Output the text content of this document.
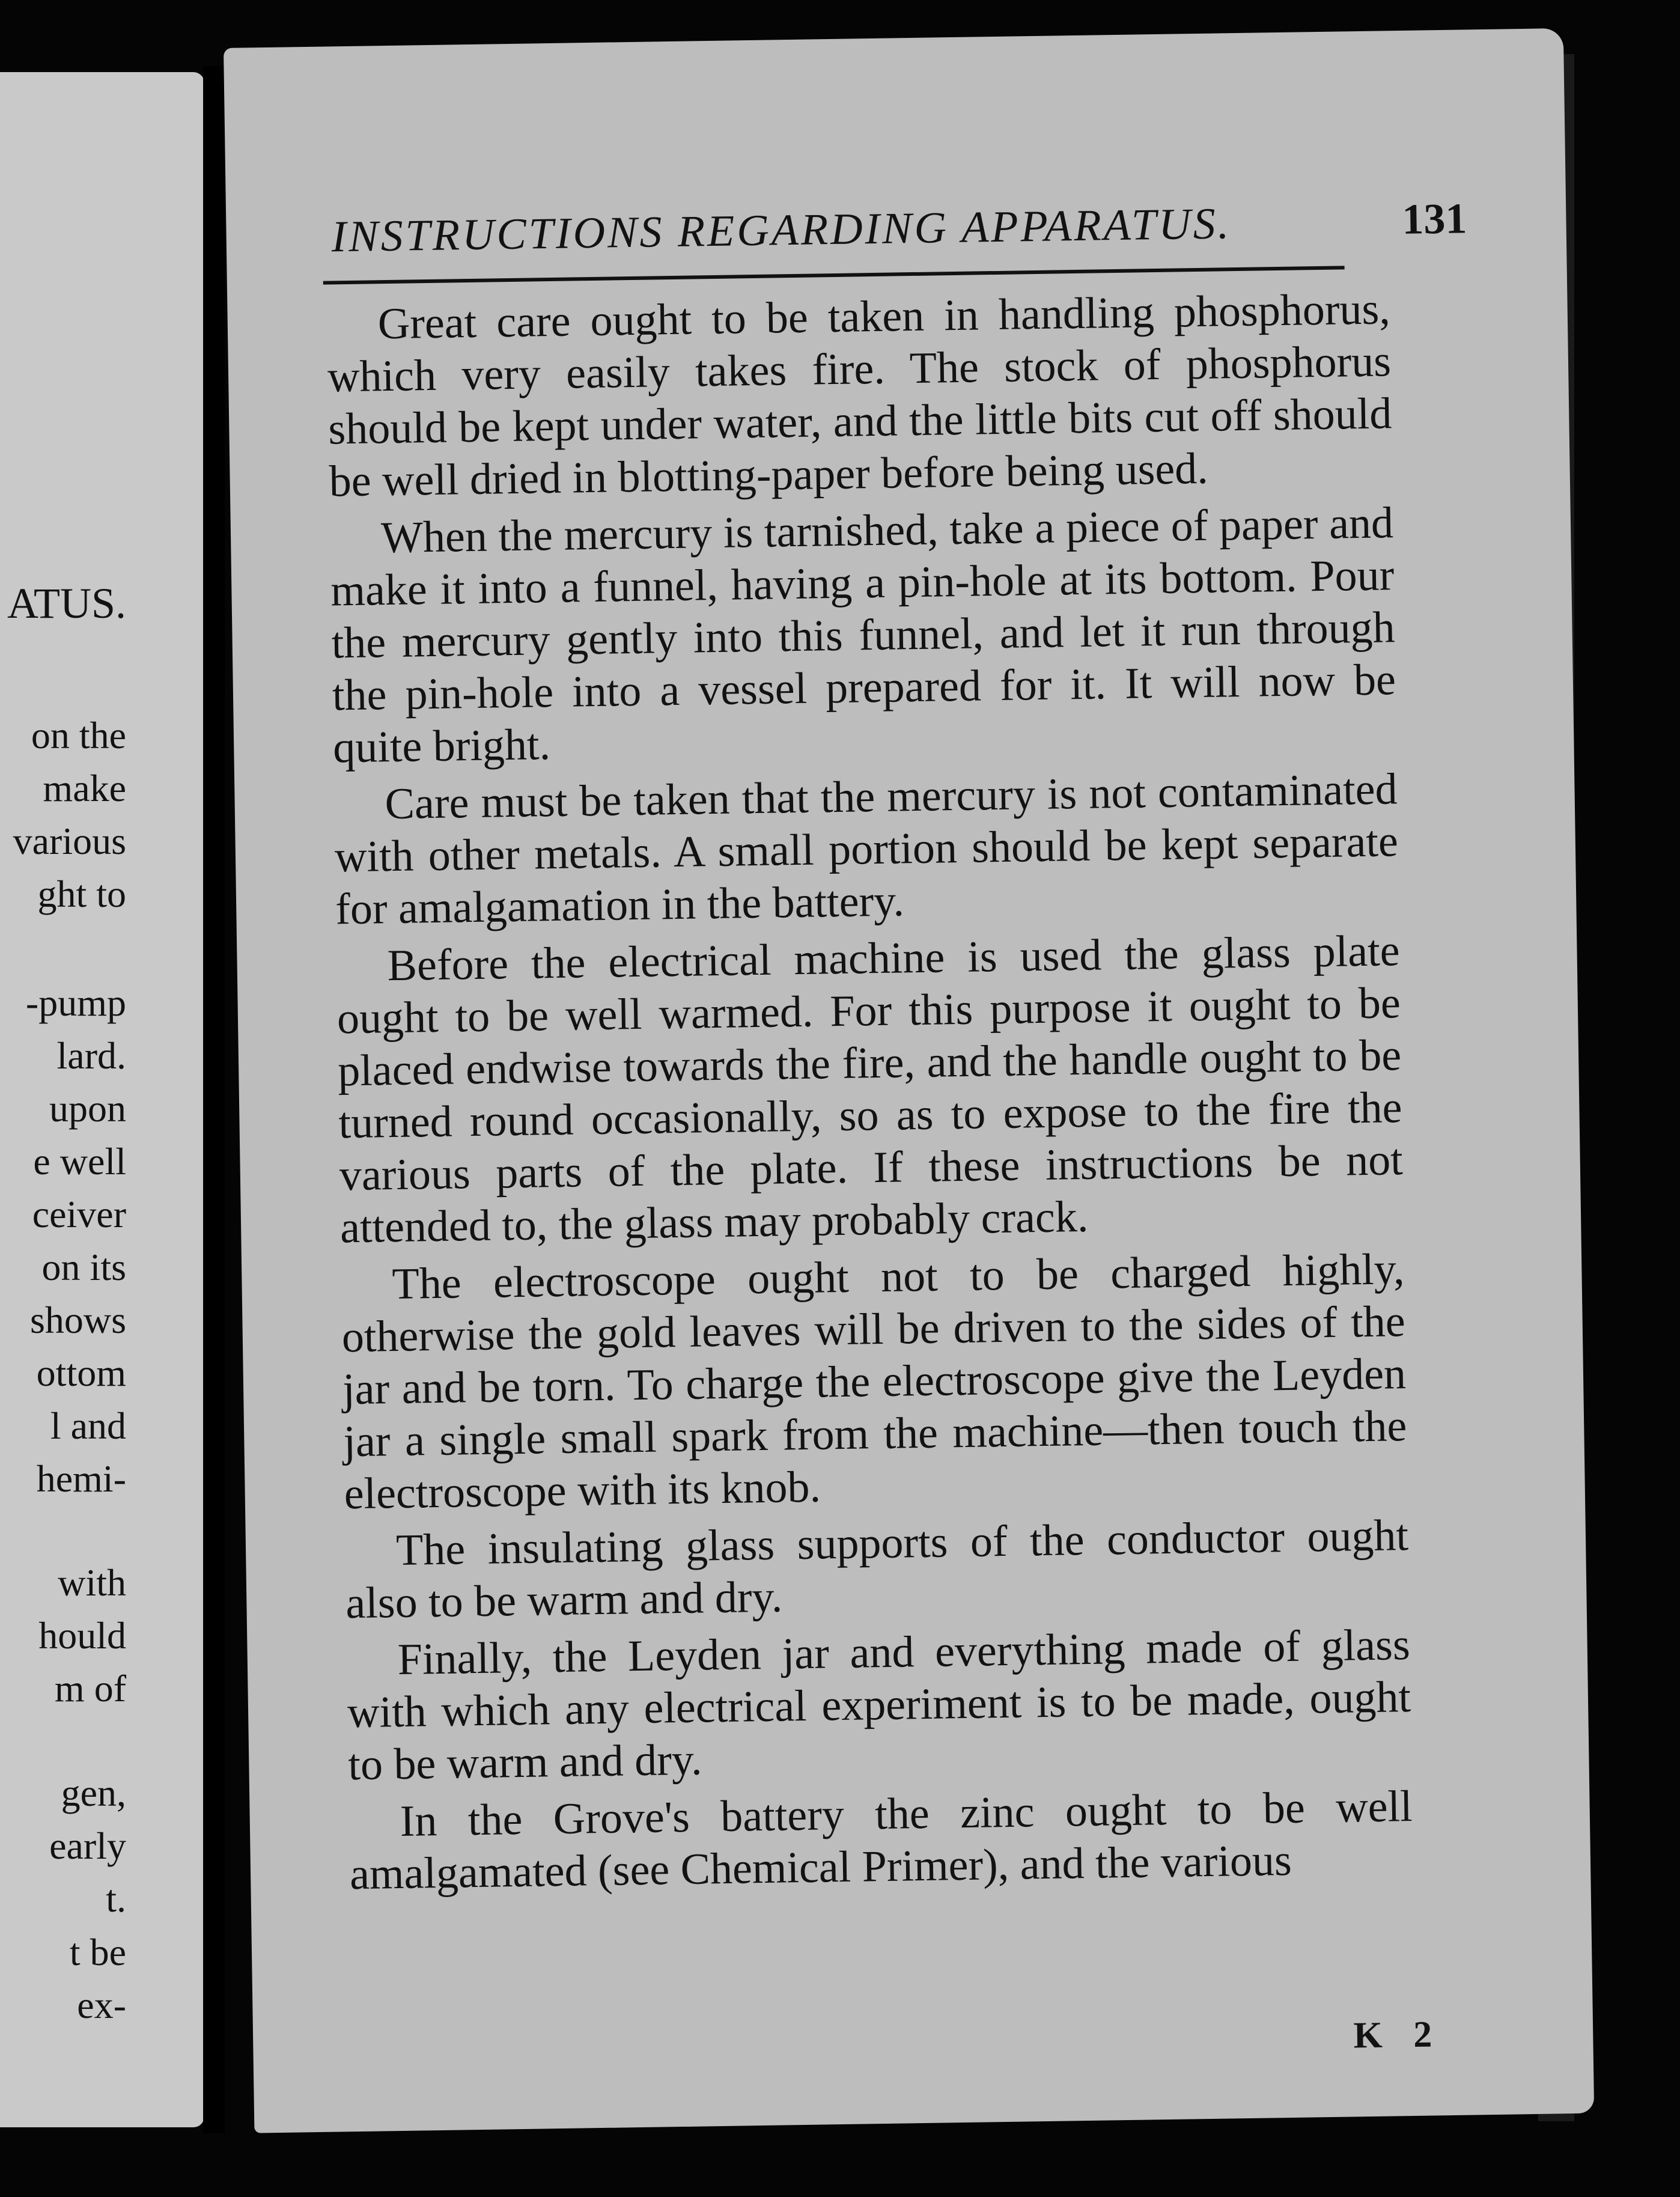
ATUS.

on the

make

various

ght to

-pump

lard.

upon

e well

ceiver

on its

shows

ottom

l and

hemi-

with

hould

m of

gen,

early

t.

t be

ex-

INSTRUCTIONS REGARDING APPARATUS.	131

Great care ought to be taken in handling phosphorus, which very easily takes fire. The stock of phosphorus should be kept under water, and the little bits cut off should be well dried in blotting-paper before being used.

When the mercury is tarnished, take a piece of paper and make it into a funnel, having a pin-hole at its bottom. Pour the mercury gently into this funnel, and let it run through the pin-hole into a vessel prepared for it. It will now be quite bright.

Care must be taken that the mercury is not contaminated with other metals. A small portion should be kept separate for amalgamation in the battery.

Before the electrical machine is used the glass plate ought to be well warmed. For this purpose it ought to be placed endwise towards the fire, and the handle ought to be turned round occasionally, so as to expose to the fire the various parts of the plate. If these instructions be not attended to, the glass may probably crack.

The electroscope ought not to be charged highly, otherwise the gold leaves will be driven to the sides of the jar and be torn. To charge the electroscope give the Leyden jar a single small spark from the machine—then touch the electroscope with its knob.

The insulating glass supports of the conductor ought also to be warm and dry.

Finally, the Leyden jar and everything made of glass with which any electrical experiment is to be made, ought to be warm and dry.

In the Grove's battery the zinc ought to be well amalgamated (see Chemical Primer), and the various

K 2
